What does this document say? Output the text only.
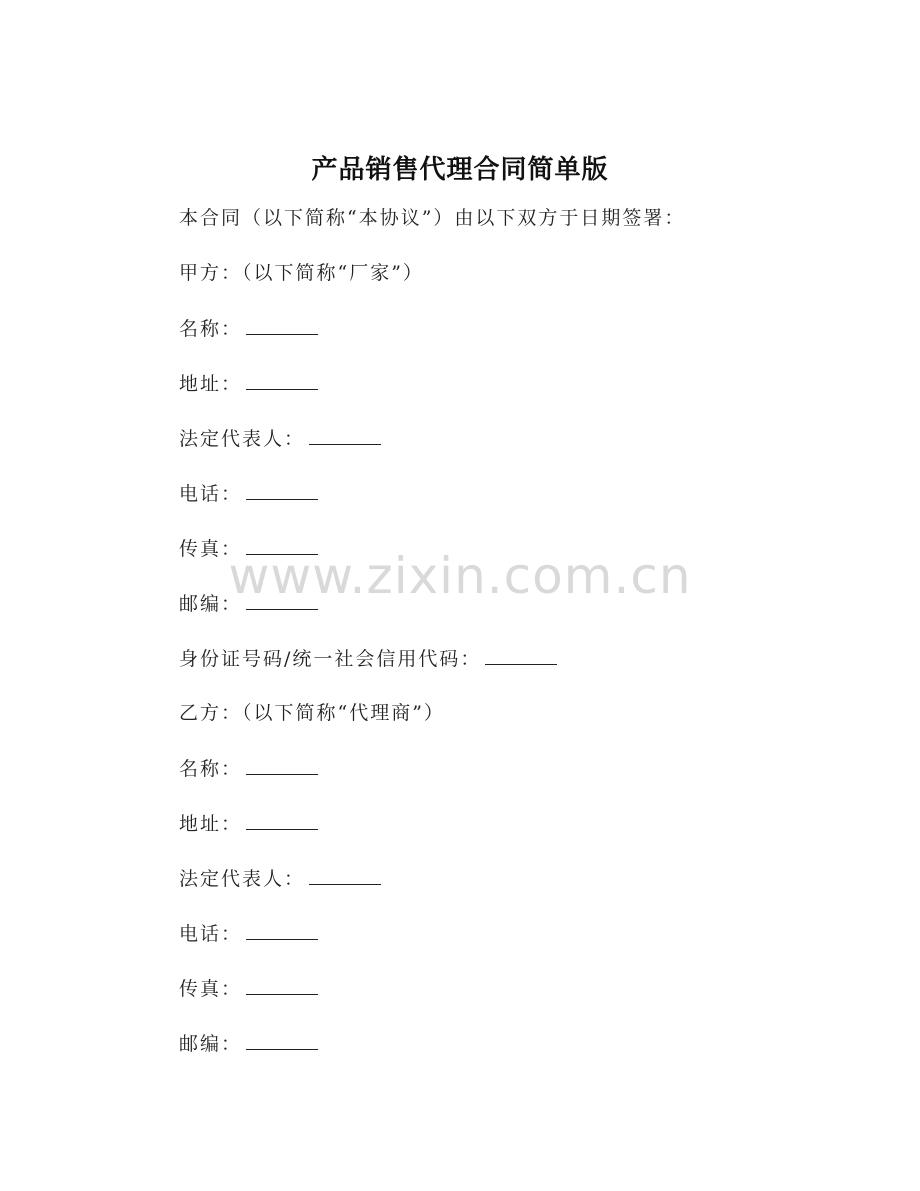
产品销售代理合同简单版
本合同（以下简称“本协议”）由以下双方于日期签署：
甲方：（以下简称“厂家”）
名称：
地址：
法定代表人：
电话：
传真：
邮编：
身份证号码/统一社会信用代码：
乙方：（以下简称“代理商”）
名称：
地址：
法定代表人：
电话：
传真：
邮编：
www.zixin.com.cn
